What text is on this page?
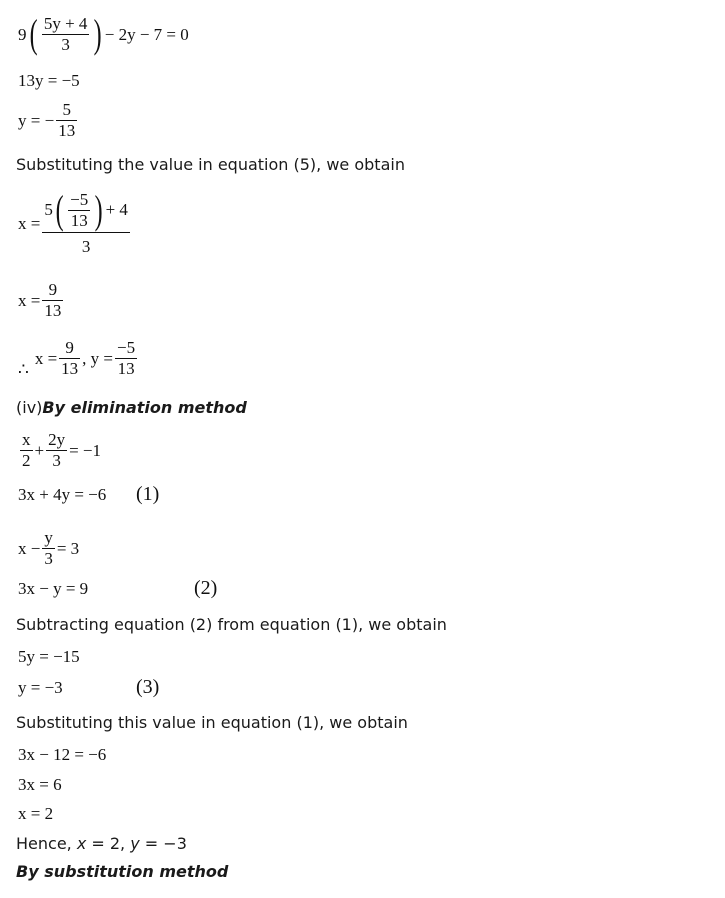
9 ( $\frac{5y + 4}{3}$ ) − 2y − 7 = 0
13y = −5
y = − $\frac{5}{13}$
Substituting the value in equation (5), we obtain
x =
5 ( $\frac{-5}{13}$ ) + 4
3
$x = \frac{9}{13}$
∴
$x = \frac{9}{13}$ , $y = \frac{-5}{13}$
(iv)By elimination method
$\frac{x}{2} + \frac{2y}{3} = -1$
3x + 4y = −6 (1)
$x - \frac{y}{3} = 3$
3x − y = 9	(2)
Subtracting equation (2) from equation (1), we obtain
5y = −15
y = −3	(3)
Substituting this value in equation (1), we obtain
3x − 12 = −6
3x = 6
x = 2
Hence, x = 2, y = −3
By substitution method
